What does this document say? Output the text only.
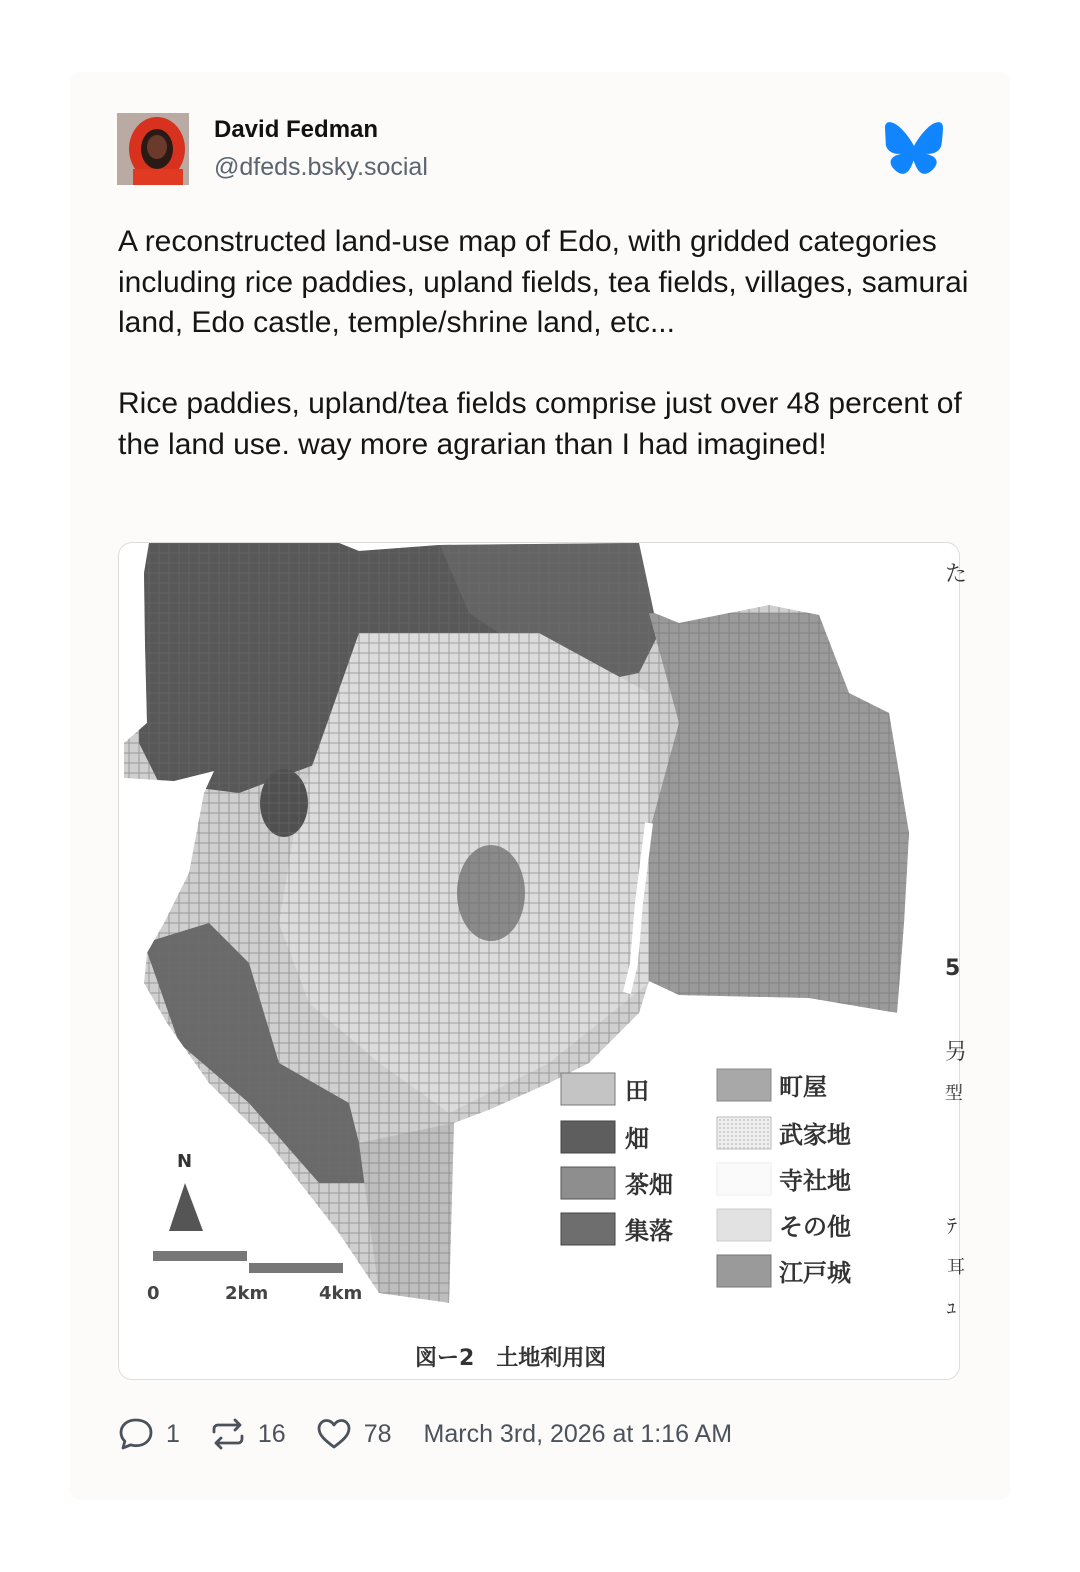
David Fedman
@dfeds.bsky.social

A reconstructed land-use map of Edo, with gridded categories including rice paddies, upland fields, tea fields, villages, samurai land, Edo castle, temple/shrine land, etc...

Rice paddies, upland/tea fields comprise just over 48 percent of the land use. way more agrarian than I had imagined!

田
畑
茶畑
集落
町屋
武家地
寺社地
その他
江戸城
N
0	2km	4km
図ー2　土地利用図
た
5
另
型
ﾃ
耳
ﾕ
1	16	78 March 3rd, 2026 at 1:16 AM
